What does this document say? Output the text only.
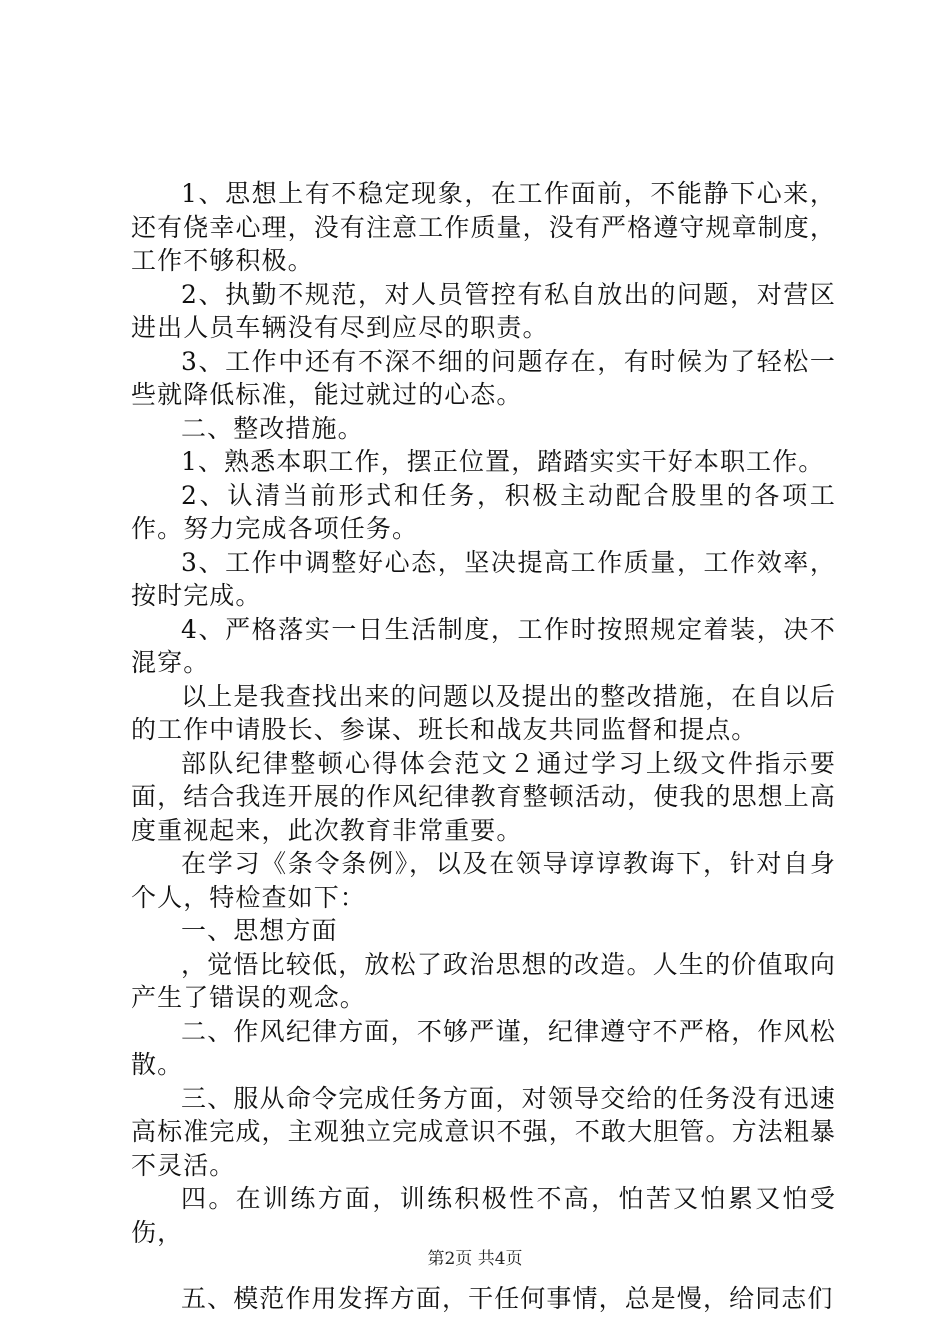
1、思想上有不稳定现象，在工作面前，不能静下心来，还有侥幸心理，没有注意工作质量，没有严格遵守规章制度，工作不够积极。

2、执勤不规范，对人员管控有私自放出的问题，对营区进出人员车辆没有尽到应尽的职责。

3、工作中还有不深不细的问题存在，有时候为了轻松一些就降低标准，能过就过的心态。

二、整改措施。

1、熟悉本职工作，摆正位置，踏踏实实干好本职工作。

2、认清当前形式和任务，积极主动配合股里的各项工作。努力完成各项任务。

3、工作中调整好心态，坚决提高工作质量，工作效率，按时完成。

4、严格落实一日生活制度，工作时按照规定着装，决不混穿。

以上是我查找出来的问题以及提出的整改措施，在自以后的工作中请股长、参谋、班长和战友共同监督和提点。

部队纪律整顿心得体会范文２通过学习上级文件指示要面，结合我连开展的作风纪律教育整顿活动，使我的思想上高度重视起来，此次教育非常重要。

在学习《条令条例》，以及在领导谆谆教诲下，针对自身个人，特检查如下：

一、思想方面

，觉悟比较低，放松了政治思想的改造。人生的价值取向产生了错误的观念。

二、作风纪律方面，不够严谨，纪律遵守不严格，作风松散。

三、服从命令完成任务方面，对领导交给的任务没有迅速高标准完成，主观独立完成意识不强，不敢大胆管。方法粗暴不灵活。

四。在训练方面，训练积极性不高，怕苦又怕累又怕受伤，

五、模范作用发挥方面，干任何事情，总是慢，给同志们

第2页 共4页
